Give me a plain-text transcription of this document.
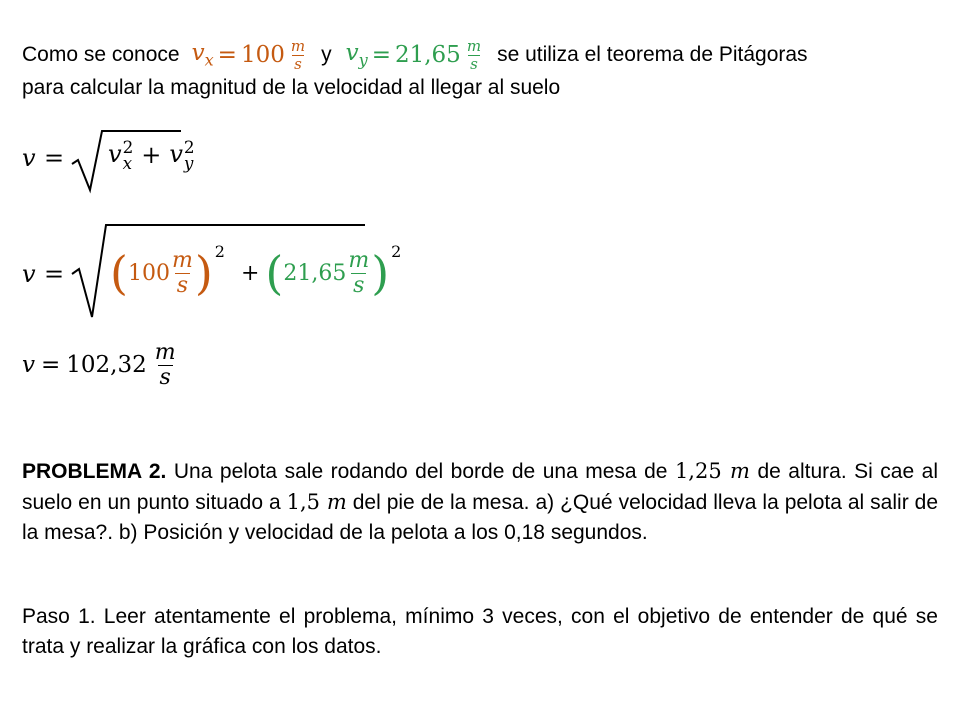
Como se conoce $v_x = 100 \frac{m}{s}$ y $v_y = 21,65 \frac{m}{s}$ se utiliza el teorema de Pitágoras
para calcular la magnitud de la velocidad al llegar al suelo
v = v 2
x + v 2
y
v = ( $100 \frac{m}{s}$ ) 2
+ ( $21,65 \frac{m}{s}$ ) 2
$v = 102,32 \frac{m}{s}$
PROBLEMA 2. Una pelota sale rodando del borde de una mesa de 1,25 m de altura. Si cae al suelo en un punto situado a 1,5 m del pie de la mesa. a) ¿Qué velocidad lleva la pelota al salir de la mesa?. b) Posición y velocidad de la pelota a los 0,18 segundos.
Paso 1. Leer atentamente el problema, mínimo 3 veces, con el objetivo de entender de qué se trata y realizar la gráfica con los datos.
